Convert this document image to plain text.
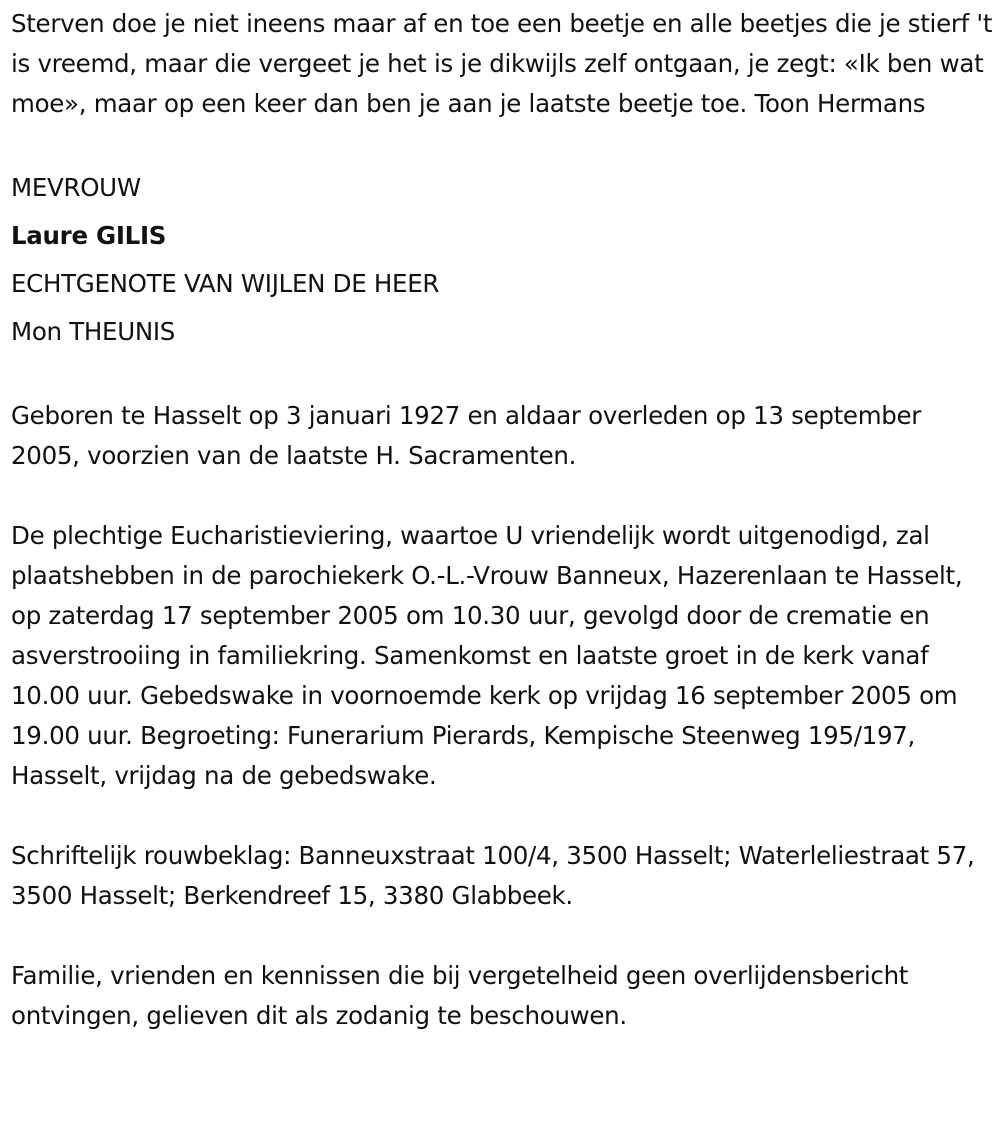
Sterven doe je niet ineens maar af en toe een beetje en alle beetjes die je stierf 't is vreemd, maar die vergeet je het is je dikwijls zelf ontgaan, je zegt: «Ik ben wat moe», maar op een keer dan ben je aan je laatste beetje toe. Toon Hermans

MEVROUW

Laure GILIS

ECHTGENOTE VAN WIJLEN DE HEER

Mon THEUNIS

Geboren te Hasselt op 3 januari 1927 en aldaar overleden op 13 september 2005, voorzien van de laatste H. Sacramenten.

De plechtige Eucharistieviering, waartoe U vriendelijk wordt uitgenodigd, zal plaatshebben in de parochiekerk O.-L.-Vrouw Banneux, Hazerenlaan te Hasselt, op zaterdag 17 september 2005 om 10.30 uur, gevolgd door de crematie en asverstrooiing in familiekring. Samenkomst en laatste groet in de kerk vanaf 10.00 uur. Gebedswake in voornoemde kerk op vrijdag 16 september 2005 om 19.00 uur. Begroeting: Funerarium Pierards, Kempische Steenweg 195/197, Hasselt, vrijdag na de gebedswake.

Schriftelijk rouwbeklag: Banneuxstraat 100/4, 3500 Hasselt; Waterleliestraat 57, 3500 Hasselt; Berkendreef 15, 3380 Glabbeek.

Familie, vrienden en kennissen die bij vergetelheid geen overlijdensbericht ontvingen, gelieven dit als zodanig te beschouwen.
